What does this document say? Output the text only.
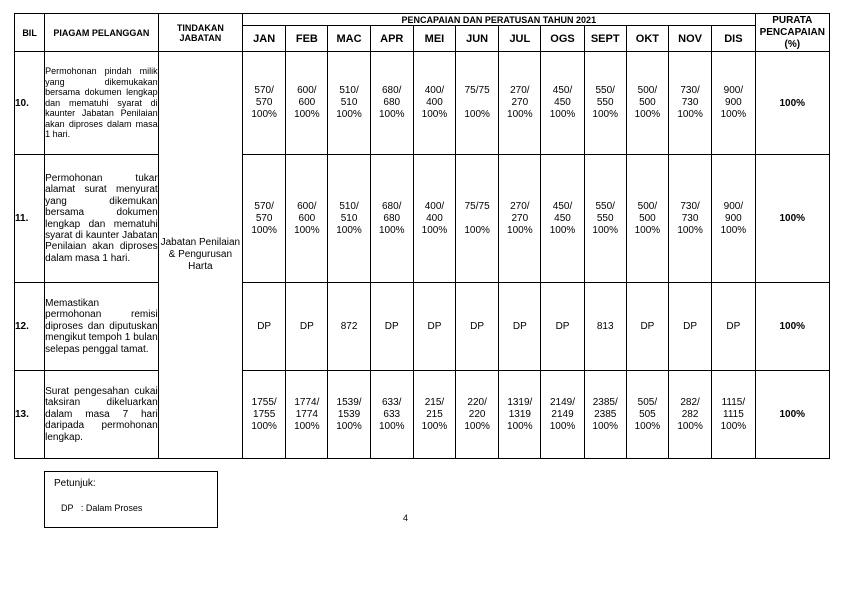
BIL	PIAGAM PELANGGAN	TINDAKAN JABATAN	PENCAPAIAN DAN PERATUSAN TAHUN 2021												PURATA PENCAPAIAN (%)
			JAN	FEB	MAC	APR	MEI	JUN	JUL	OGS	SEPT	OKT	NOV	DIS	
10.	Permohonan pindah milik yang dikemukakan bersama dokumen lengkap dan mematuhi syarat di kaunter Jabatan Penilaian akan diproses dalam masa 1 hari.	Jabatan Penilaian & Pengurusan Harta	570/
570
100%	600/
600
100%	510/
510
100%	680/
680
100%	400/
400
100%	75/75

100%	270/
270
100%	450/
450
100%	550/
550
100%	500/
500
100%	730/
730
100%	900/
900
100%	100%
11.	Permohonan tukar alamat surat menyurat yang dikemukan bersama dokumen lengkap dan mematuhi syarat di kaunter Jabatan Penilaian akan diproses dalam masa 1 hari.		570/
570
100%	600/
600
100%	510/
510
100%	680/
680
100%	400/
400
100%	75/75

100%	270/
270
100%	450/
450
100%	550/
550
100%	500/
500
100%	730/
730
100%	900/
900
100%	100%
12.	Memastikan permohonan remisi diproses dan diputuskan mengikut tempoh 1 bulan selepas penggal tamat.		DP	DP	872	DP	DP	DP	DP	DP	813	DP	DP	DP	100%
13.	Surat pengesahan cukai taksiran dikeluarkan dalam masa 7 hari daripada permohonan lengkap.		1755/
1755
100%	1774/
1774
100%	1539/
1539
100%	633/
633
100%	215/
215
100%	220/
220
100%	1319/
1319
100%	2149/
2149
100%	2385/
2385
100%	505/
505
100%	282/
282
100%	1115/
1115
100%	100%
Petunjuk:
DP   : Dalam Proses
4
